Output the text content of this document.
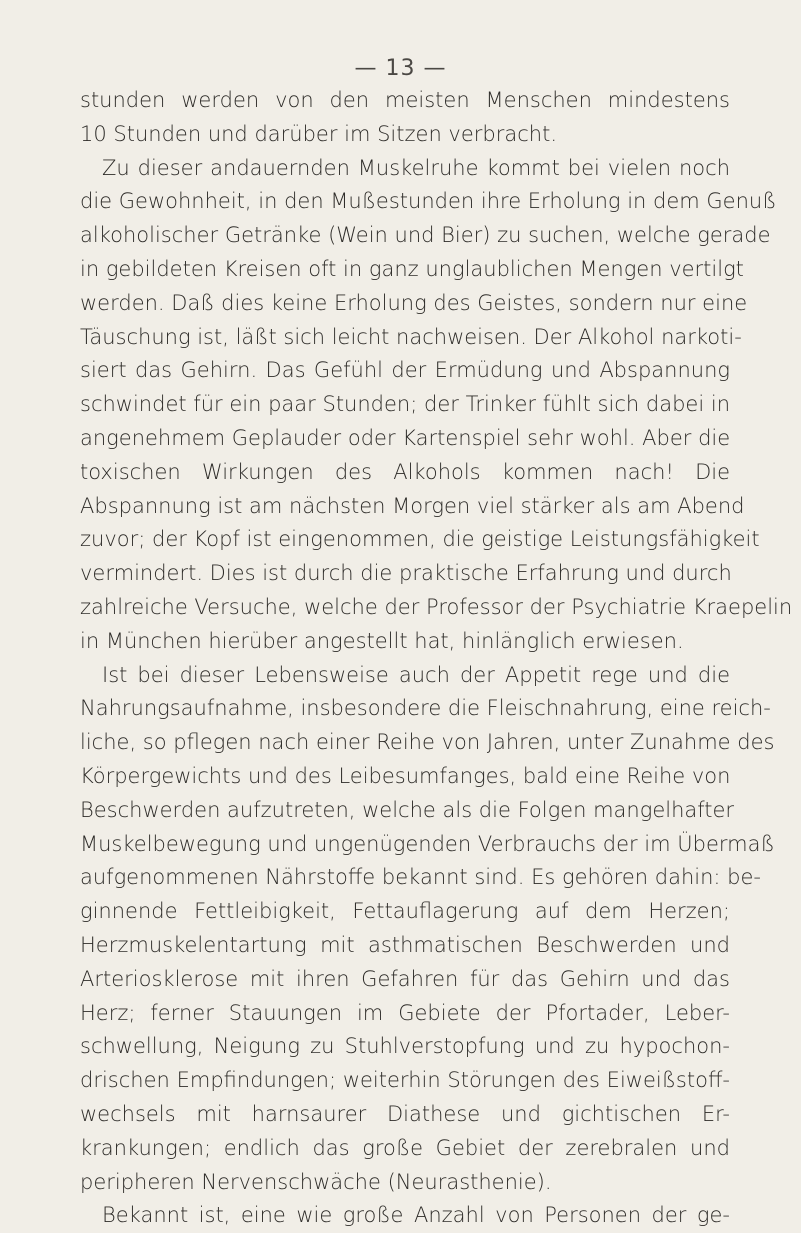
— 13 —
stunden werden von den meisten Menschen mindestens
10 Stunden und darüber im Sitzen verbracht.
Zu dieser andauernden Muskelruhe kommt bei vielen noch
die Gewohnheit, in den Mußestunden ihre Erholung in dem Genuß
alkoholischer Getränke (Wein und Bier) zu suchen, welche gerade
in gebildeten Kreisen oft in ganz unglaublichen Mengen vertilgt
werden. Daß dies keine Erholung des Geistes, sondern nur eine
Täuschung ist, läßt sich leicht nachweisen. Der Alkohol narkoti-
siert das Gehirn. Das Gefühl der Ermüdung und Abspannung
schwindet für ein paar Stunden; der Trinker fühlt sich dabei in
angenehmem Geplauder oder Kartenspiel sehr wohl. Aber die
toxischen Wirkungen des Alkohols kommen nach! Die
Abspannung ist am nächsten Morgen viel stärker als am Abend
zuvor; der Kopf ist eingenommen, die geistige Leistungsfähigkeit
vermindert. Dies ist durch die praktische Erfahrung und durch
zahlreiche Versuche, welche der Professor der Psychiatrie Kraepelin
in München hierüber angestellt hat, hinlänglich erwiesen.
Ist bei dieser Lebensweise auch der Appetit rege und die
Nahrungsaufnahme, insbesondere die Fleischnahrung, eine reich-
liche, so pflegen nach einer Reihe von Jahren, unter Zunahme des
Körpergewichts und des Leibesumfanges, bald eine Reihe von
Beschwerden aufzutreten, welche als die Folgen mangelhafter
Muskelbewegung und ungenügenden Verbrauchs der im Übermaß
aufgenommenen Nährstoffe bekannt sind. Es gehören dahin: be-
ginnende Fettleibigkeit, Fettauflagerung auf dem Herzen;
Herzmuskelentartung mit asthmatischen Beschwerden und
Arteriosklerose mit ihren Gefahren für das Gehirn und das
Herz; ferner Stauungen im Gebiete der Pfortader, Leber-
schwellung, Neigung zu Stuhlverstopfung und zu hypochon-
drischen Empfindungen; weiterhin Störungen des Eiweißstoff-
wechsels mit harnsaurer Diathese und gichtischen Er-
krankungen; endlich das große Gebiet der zerebralen und
peripheren Nervenschwäche (Neurasthenie).
Bekannt ist, eine wie große Anzahl von Personen der ge-
